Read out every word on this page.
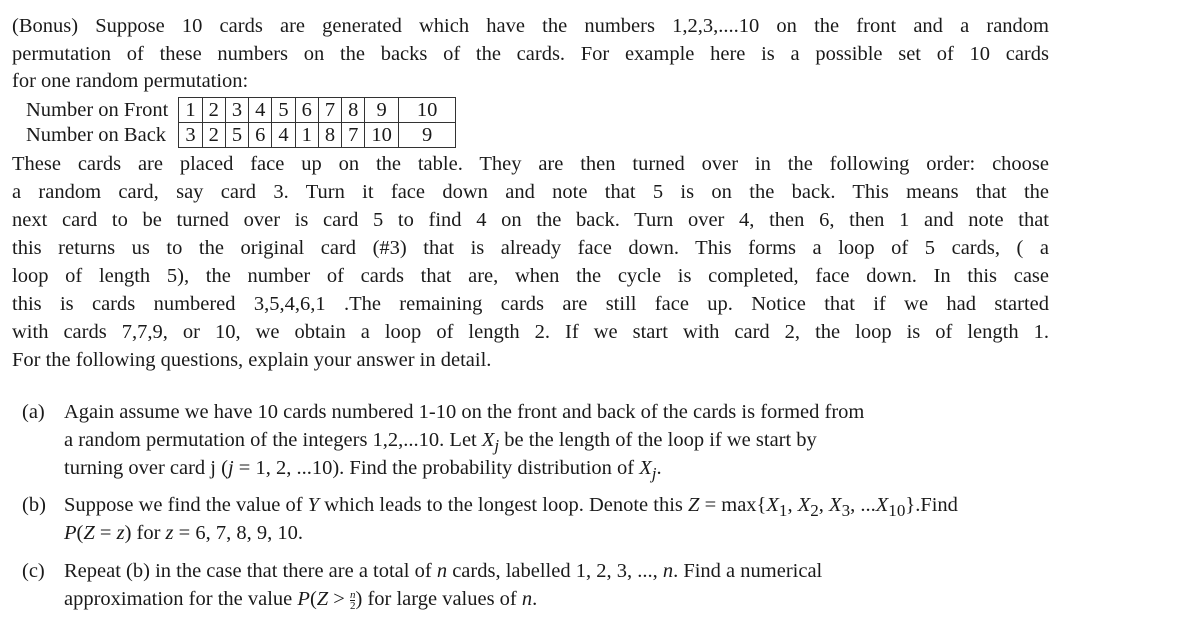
(Bonus) Suppose 10 cards are generated which have the numbers 1,2,3,....10 on the front and a random
permutation of these numbers on the backs of the cards. For example here is a possible set of 10 cards
for one random permutation:
Number on Front	1	2	3	4	5	6	7	8	9	10
Number on Back	3	2	5	6	4	1	8	7	10	9
These cards are placed face up on the table. They are then turned over in the following order: choose
a random card, say card 3. Turn it face down and note that 5 is on the back. This means that the
next card to be turned over is card 5 to find 4 on the back. Turn over 4, then 6, then 1 and note that
this returns us to the original card (#3) that is already face down. This forms a loop of 5 cards, ( a
loop of length 5), the number of cards that are, when the cycle is completed, face down. In this case
this is cards numbered 3,5,4,6,1 .The remaining cards are still face up. Notice that if we had started
with cards 7,7,9, or 10, we obtain a loop of length 2. If we start with card 2, the loop is of length 1.
For the following questions, explain your answer in detail.
(a) Again assume we have 10 cards numbered 1-10 on the front and back of the cards is formed from
a random permutation of the integers 1,2,...10. Let $X_j$ be the length of the loop if we start by
turning over card j (j = 1, 2, ...10). Find the probability distribution of $X_j$.
(b) Suppose we find the value of Y which leads to the longest loop. Denote this $Z = \max\{X_1$, $X_2$, $X_3$, $...X_{10}\}.Find$
P(Z = z) for z = 6, 7, 8, 9, 10.
(c) Repeat (b) in the case that there are a total of n cards, labelled 1, 2, 3, ..., n. Find a numerical
approximation for the value $P(Z > \frac{n}{2}$ ) for large values of n.
